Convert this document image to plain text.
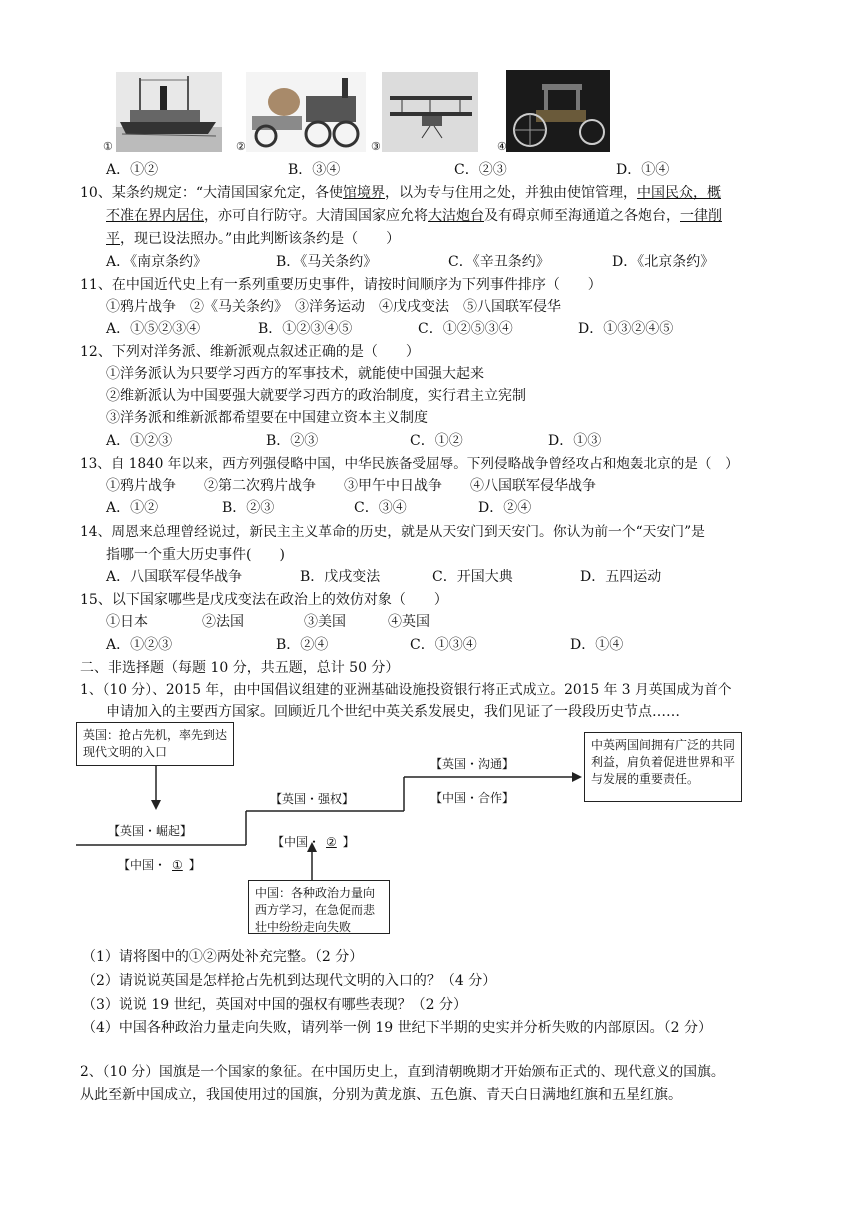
①	②	③	④
A．①②	B．③④	C．②③	D．①④
10、某条约规定：“大清国国家允定，各使馆境界，以为专与住用之处，并独由使馆管理，中国民众，概
不准在界内居住，亦可自行防守。大清国国家应允将大沽炮台及有碍京师至海通道之各炮台，一律削
平，现已设法照办。”由此判断该条约是（　　）
A．《南京条约》	B．《马关条约》	C．《辛丑条约》	D．《北京条约》
11、在中国近代史上有一系列重要历史事件，请按时间顺序为下列事件排序（　　）
①鸦片战争　②《马关条约》　③洋务运动　④戊戌变法　⑤八国联军侵华
A．①⑤②③④	B．①②③④⑤	C．①②⑤③④	D．①③②④⑤
12、下列对洋务派、维新派观点叙述正确的是（　　）
①洋务派认为只要学习西方的军事技术，就能使中国强大起来
②维新派认为中国要强大就要学习西方的政治制度，实行君主立宪制
③洋务派和维新派都希望要在中国建立资本主义制度
A．①②③	B．②③	C．①②	D．①③
13、自 1840 年以来，西方列强侵略中国，中华民族备受屈辱。下列侵略战争曾经攻占和炮轰北京的是（　）
①鸦片战争　　②第二次鸦片战争　　③甲午中日战争　　④八国联军侵华战争
A．①②	B．②③	C．③④	D．②④
14、周恩来总理曾经说过，新民主主义革命的历史，就是从天安门到天安门。你认为前一个“天安门”是
指哪一个重大历史事件(　　)
A．八国联军侵华战争	B．戊戌变法	C．开国大典	D．五四运动
15、以下国家哪些是戊戌变法在政治上的效仿对象（　　）
①日本	②法国	③美国	④英国
A．①②③	B．②④	C．①③④	D．①④
二、非选择题（每题 10 分，共五题，总计 50 分）
1、（10 分）、2015 年，由中国倡议组建的亚洲基础设施投资银行将正式成立。2015 年 3 月英国成为首个
申请加入的主要西方国家。回顾近几个世纪中英关系发展史，我们见证了一段段历史节点……
英国：抢占先机，率先到达现代文明的入口	中英两国间拥有广泛的共同利益，肩负着促进世界和平与发展的重要责任。
中国：各种政治力量向西方学习，在急促而悲壮中纷纷走向失败
【英国・崛起】
【中国・ ① 】
【英国・强权】
【中国・ ② 】
【英国・沟通】
【中国・合作】
（1）请将图中的①②两处补充完整。（2 分）
（2）请说说英国是怎样抢占先机到达现代文明的入口的？（4 分）
（3）说说 19 世纪，英国对中国的强权有哪些表现？（2 分）
（4）中国各种政治力量走向失败，请列举一例 19 世纪下半期的史实并分析失败的内部原因。（2 分）
2、（10 分）国旗是一个国家的象征。在中国历史上，直到清朝晚期才开始颁布正式的、现代意义的国旗。
从此至新中国成立，我国使用过的国旗，分别为黄龙旗、五色旗、青天白日满地红旗和五星红旗。
